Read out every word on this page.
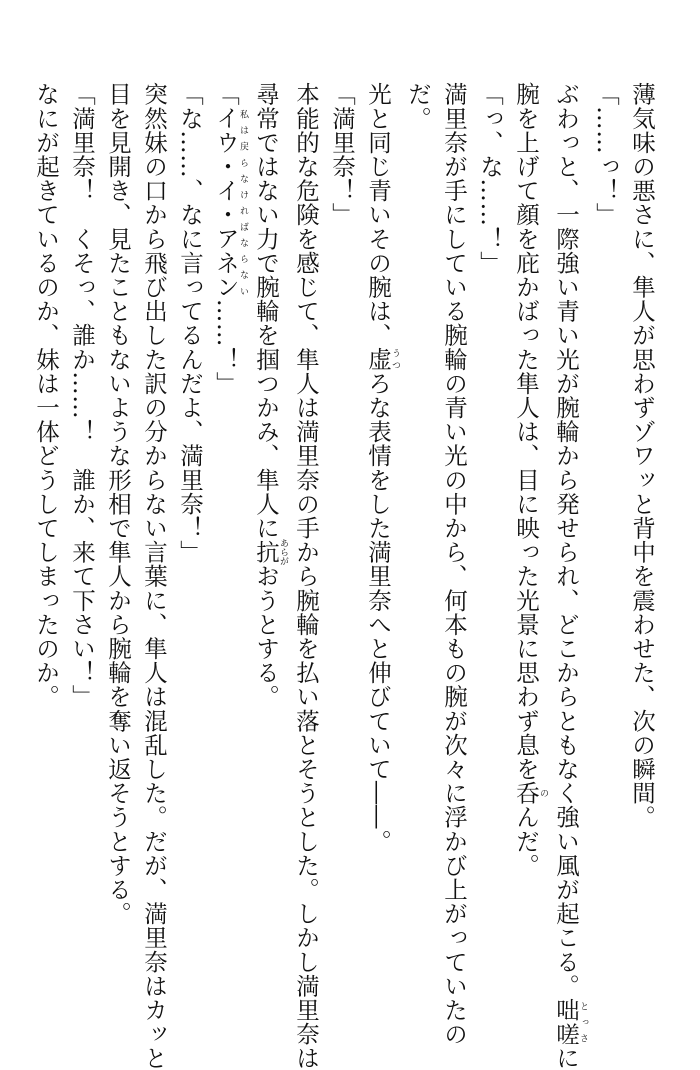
薄気味の悪さに、隼人が思わずゾワッと背中を震わせた、次の瞬間。

「……っ！」

ぶわっと、一際強い青い光が腕輪から発せられ、どこからともなく強い風が起こる。咄嗟とっさに

腕を上げて顔を庇かばった隼人は、目に映った光景に思わず息を呑のんだ。

「っ、な……！」

満里奈が手にしている腕輪の青い光の中から、何本もの腕が次々に浮かび上がっていたの

だ。

光と同じ青いその腕は、虚うつろな表情をした満里奈へと伸びていて――。

「満里奈！」

本能的な危険を感じて、隼人は満里奈の手から腕輪を払い落とそうとした。しかし満里奈は

尋常ではない力で腕輪を掴つかみ、隼人に抗あらがおうとする。

「イウ・イ・アネン私は戻らなければならない……！」

「な……、なに言ってるんだよ、満里奈！」

突然妹の口から飛び出した訳の分からない言葉に、隼人は混乱した。だが、満里奈はカッと

目を見開き、見たこともないような形相で隼人から腕輪を奪い返そうとする。

「満里奈！　くそっ、誰か……！　誰か、来て下さい！」

なにが起きているのか、妹は一体どうしてしまったのか。
